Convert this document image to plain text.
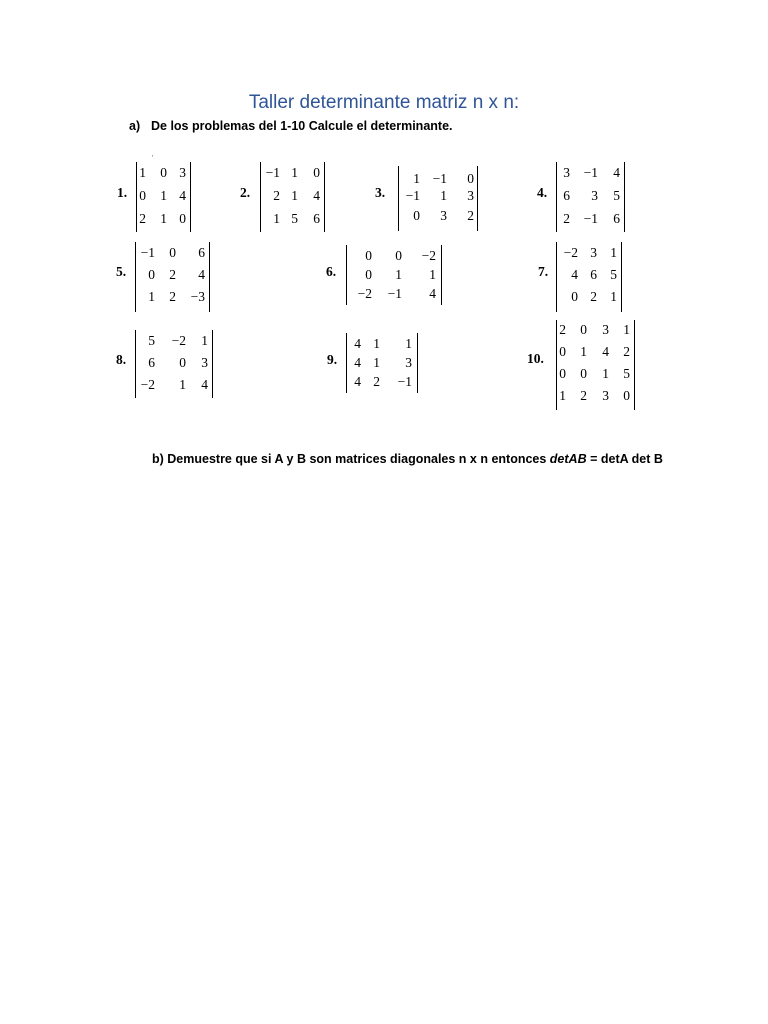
Taller determinante matriz n x n:
a) De los problemas del 1-10 Calcule el determinante.
ˌ
1.
1 0 3
0 1 4
2 1 0
2.
−1 1 0
2 1 4
1 5 6
3.
1 −1 0
−1 1 3
0 3 2
4.
3 −1 4
6 3 5
2 −1 6
5.
−1 0 6
0 2 4
1 2 −3
6.
0 0 −2
0 1 1
−2 −1 4
7.
−2 3 1
4 6 5
0 2 1
8.
5 −2 1
6 0 3
−2 1 4
9.
4 1 1
4 1 3
4 2 −1
10.
2 0 3 1
0 1 4 2
0 0 1 5
1 2 3 0
b) Demuestre que si A y B son matrices diagonales n x n entonces detAB = detA det B
